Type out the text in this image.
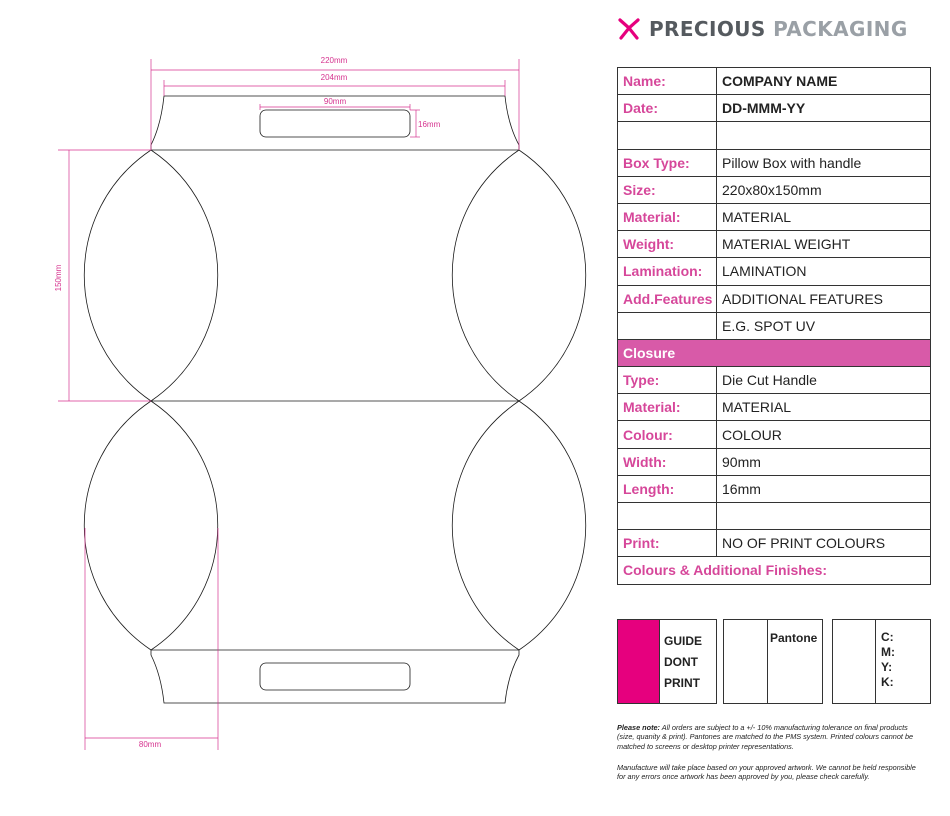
220mm
204mm
90mm
16mm
150mm
80mm
PRECIOUS PACKAGING
Name:	COMPANY NAME
Date:	DD-MMM-YY

Box Type:	Pillow Box with handle
Size:	220x80x150mm
Material:	MATERIAL
Weight:	MATERIAL WEIGHT
Lamination:	LAMINATION
Add.Features	ADDITIONAL FEATURES
	E.G. SPOT UV
Closure	
Type:	Die Cut Handle
Material:	MATERIAL
Colour:	COLOUR
Width:	90mm
Length:	16mm

Print:	NO OF PRINT COLOURS
Colours & Additional Finishes:	
GUIDE
DONT
PRINT
Pantone	C:
M:
Y:
K:
Please note: All orders are subject to a +/- 10% manufacturing tolerance on final products (size, quanity & print). Pantones are matched to the PMS system. Printed colours cannot be matched to screens or desktop printer representations.
Manufacture will take place based on your approved artwork. We cannot be held responsible for any errors once artwork has been approved by you, please check carefully.
